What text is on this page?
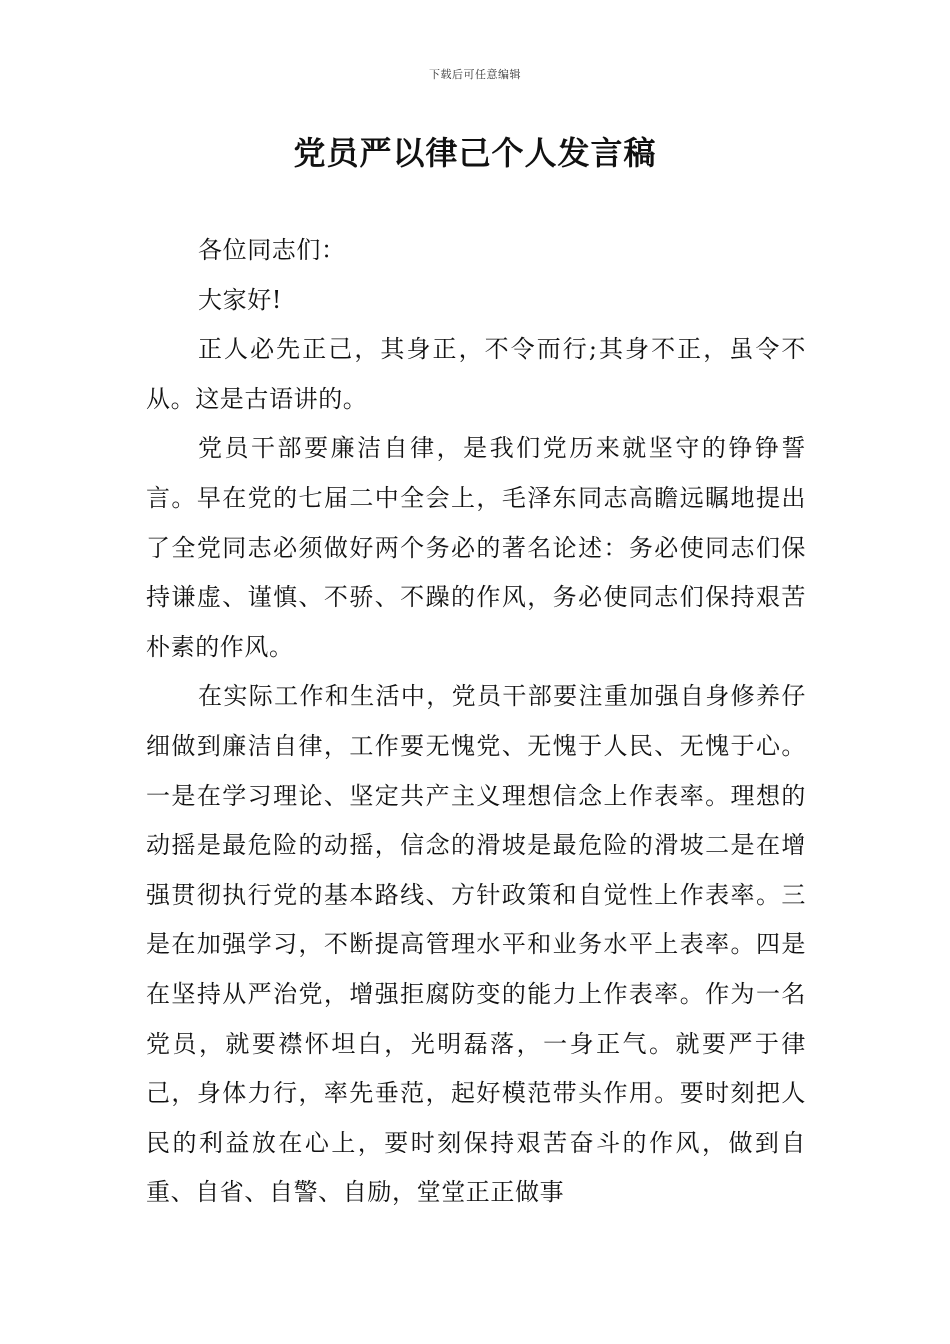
下载后可任意编辑
党员严以律己个人发言稿

各位同志们：

大家好!

正人必先正己，其身正，不令而行;其身不正，虽令不从。这是古语讲的。

党员干部要廉洁自律，是我们党历来就坚守的铮铮誓言。早在党的七届二中全会上，毛泽东同志高瞻远瞩地提出了全党同志必须做好两个务必的著名论述：务必使同志们保持谦虚、谨慎、不骄、不躁的作风，务必使同志们保持艰苦朴素的作风。

在实际工作和生活中，党员干部要注重加强自身修养仔细做到廉洁自律，工作要无愧党、无愧于人民、无愧于心。一是在学习理论、坚定共产主义理想信念上作表率。理想的动摇是最危险的动摇，信念的滑坡是最危险的滑坡二是在增强贯彻执行党的基本路线、方针政策和自觉性上作表率。三是在加强学习，不断提高管理水平和业务水平上表率。四是在坚持从严治党，增强拒腐防变的能力上作表率。作为一名党员，就要襟怀坦白，光明磊落，一身正气。就要严于律己，身体力行，率先垂范，起好模范带头作用。要时刻把人民的利益放在心上，要时刻保持艰苦奋斗的作风，做到自重、自省、自警、自励，堂堂正正做事
